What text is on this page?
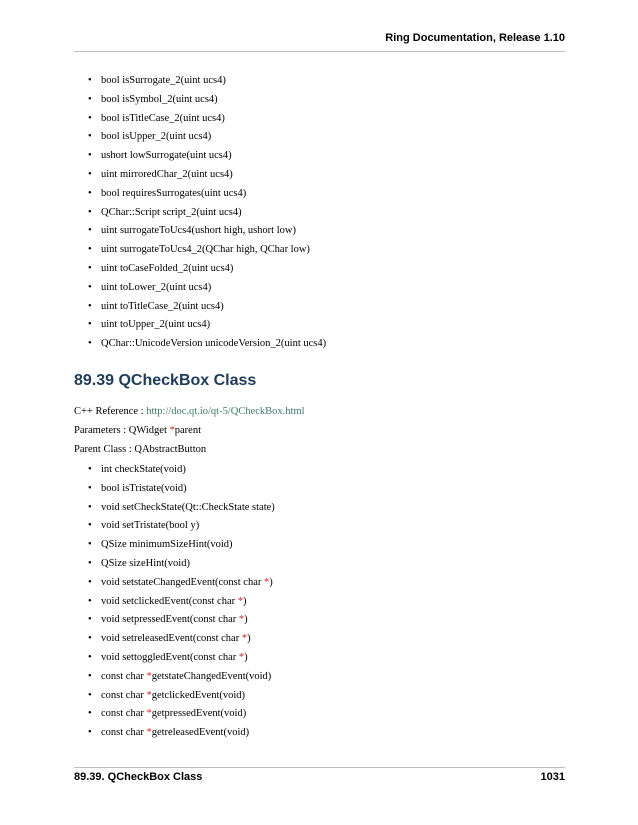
Ring Documentation, Release 1.10
• bool isSurrogate_2(uint ucs4)
• bool isSymbol_2(uint ucs4)
• bool isTitleCase_2(uint ucs4)
• bool isUpper_2(uint ucs4)
• ushort lowSurrogate(uint ucs4)
• uint mirroredChar_2(uint ucs4)
• bool requiresSurrogates(uint ucs4)
• QChar::Script script_2(uint ucs4)
• uint surrogateToUcs4(ushort high, ushort low)
• uint surrogateToUcs4_2(QChar high, QChar low)
• uint toCaseFolded_2(uint ucs4)
• uint toLower_2(uint ucs4)
• uint toTitleCase_2(uint ucs4)
• uint toUpper_2(uint ucs4)
• QChar::UnicodeVersion unicodeVersion_2(uint ucs4)
89.39 QCheckBox Class
C++ Reference : http://doc.qt.io/qt-5/QCheckBox.html
Parameters : QWidget *parent
Parent Class : QAbstractButton
• int checkState(void)
• bool isTristate(void)
• void setCheckState(Qt::CheckState state)
• void setTristate(bool y)
• QSize minimumSizeHint(void)
• QSize sizeHint(void)
• void setstateChangedEvent(const char *)
• void setclickedEvent(const char *)
• void setpressedEvent(const char *)
• void setreleasedEvent(const char *)
• void settoggledEvent(const char *)
• const char *getstateChangedEvent(void)
• const char *getclickedEvent(void)
• const char *getpressedEvent(void)
• const char *getreleasedEvent(void)
89.39. QCheckBox Class	1031
